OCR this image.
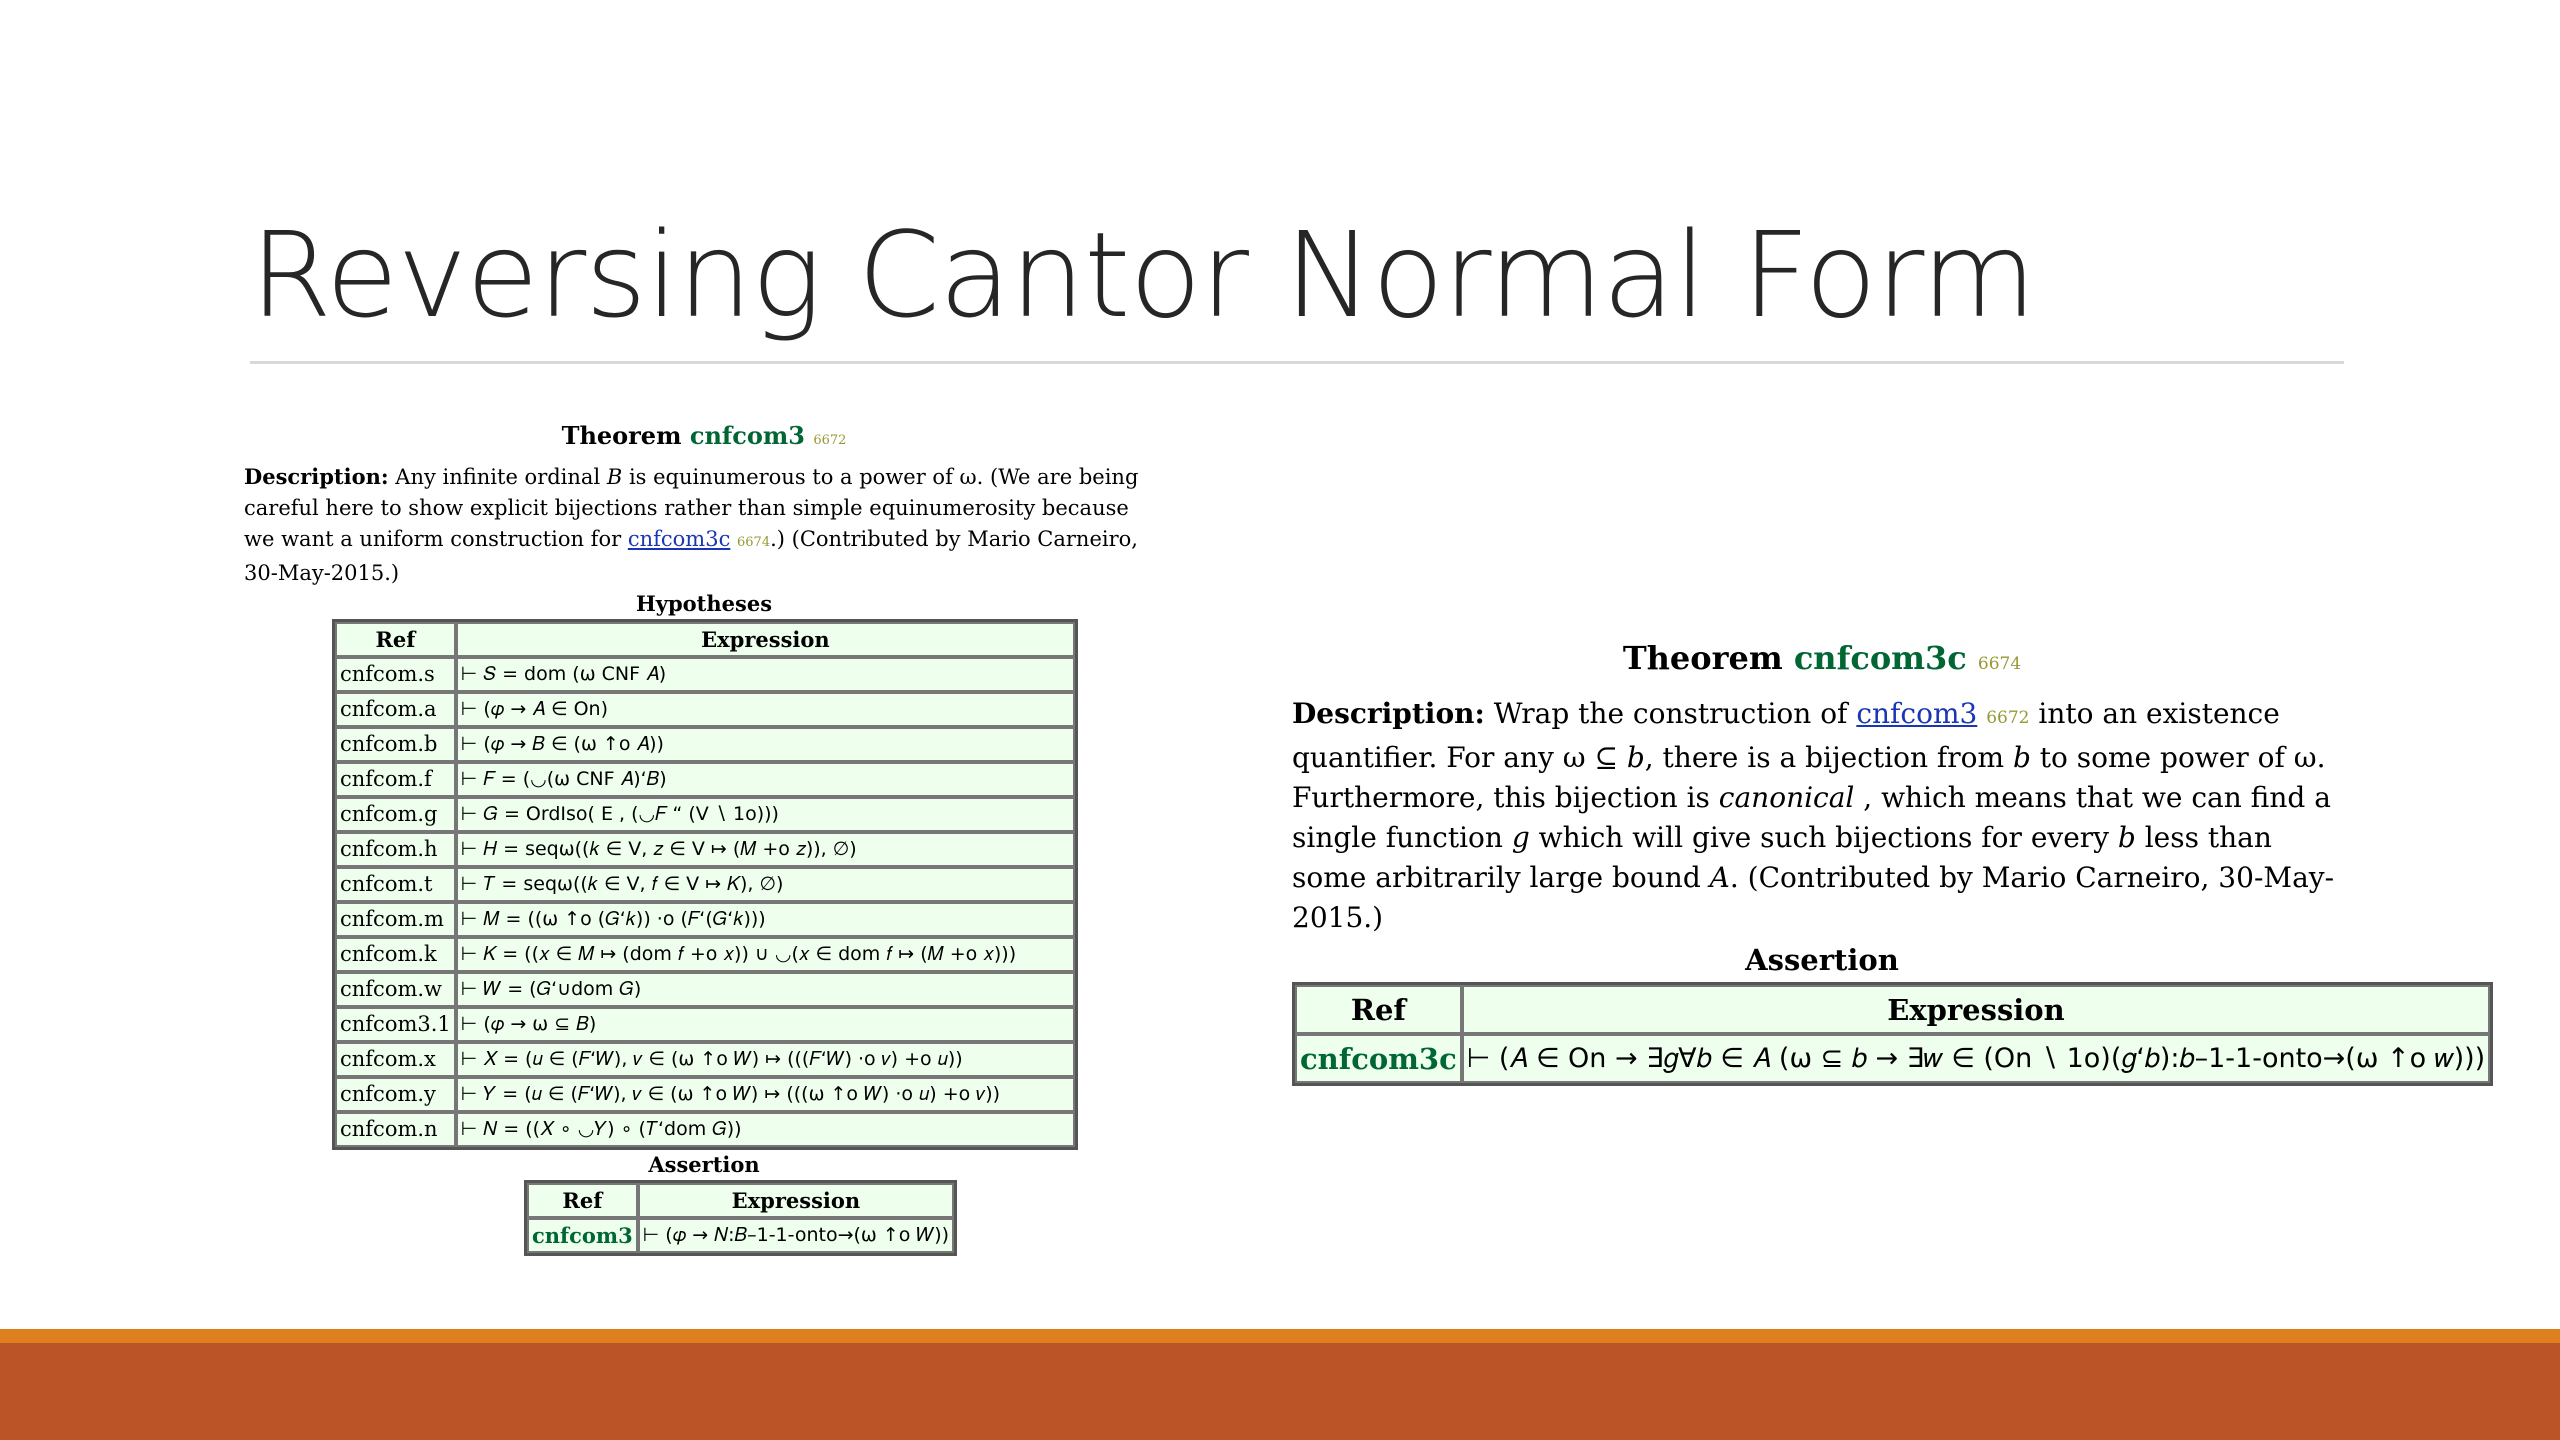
Reversing Cantor Normal Form
Theorem cnfcom3 6672
Description: Any infinite ordinal 𝐵 is equinumerous to a power of ω. (We are being careful here to show explicit bijections rather than simple equinumerosity because we want a uniform construction for cnfcom3c 6674.) (Contributed by Mario Carneiro, 30-May-2015.)
Hypotheses
Ref	Expression
cnfcom.s	⊢ 𝑆 = dom (ω CNF 𝐴)
cnfcom.a	⊢ (𝜑 → 𝐴 ∈ On)
cnfcom.b	⊢ (𝜑 → 𝐵 ∈ (ω ↑o 𝐴))
cnfcom.f	⊢ 𝐹 = (◡(ω CNF 𝐴)‘𝐵)
cnfcom.g	⊢ 𝐺 = OrdIso( E , (◡𝐹 “ (V ∖ 1o)))
cnfcom.h	⊢ 𝐻 = seqω((𝑘 ∈ V, 𝑧 ∈ V ↦ (𝑀 +o 𝑧)), ∅)
cnfcom.t	⊢ 𝑇 = seqω((𝑘 ∈ V, 𝑓 ∈ V ↦ 𝐾), ∅)
cnfcom.m	⊢ 𝑀 = ((ω ↑o (𝐺‘𝑘)) ·o (𝐹‘(𝐺‘𝑘)))
cnfcom.k	⊢ 𝐾 = ((𝑥 ∈ 𝑀 ↦ (dom 𝑓 +o 𝑥)) ∪ ◡(𝑥 ∈ dom 𝑓 ↦ (𝑀 +o 𝑥)))
cnfcom.w	⊢ 𝑊 = (𝐺‘∪dom 𝐺)
cnfcom3.1	⊢ (𝜑 → ω ⊆ 𝐵)
cnfcom.x	⊢ 𝑋 = (𝑢 ∈ (𝐹‘𝑊), 𝑣 ∈ (ω ↑o 𝑊) ↦ (((𝐹‘𝑊) ·o 𝑣) +o 𝑢))
cnfcom.y	⊢ 𝑌 = (𝑢 ∈ (𝐹‘𝑊), 𝑣 ∈ (ω ↑o 𝑊) ↦ (((ω ↑o 𝑊) ·o 𝑢) +o 𝑣))
cnfcom.n	⊢ 𝑁 = ((𝑋 ∘ ◡𝑌) ∘ (𝑇‘dom 𝐺))
Assertion
Ref	Expression
cnfcom3	⊢ (𝜑 → 𝑁:𝐵–1-1-onto→(ω ↑o 𝑊))
Theorem cnfcom3c 6674
Description: Wrap the construction of cnfcom3 6672 into an existence quantifier. For any ω ⊆ 𝑏, there is a bijection from 𝑏 to some power of ω. Furthermore, this bijection is canonical , which means that we can find a single function 𝑔 which will give such bijections for every 𝑏 less than some arbitrarily large bound 𝐴. (Contributed by Mario Carneiro, 30-May-2015.)
Assertion
Ref	Expression
cnfcom3c	⊢ (𝐴 ∈ On → ∃𝑔∀𝑏 ∈ 𝐴 (ω ⊆ 𝑏 → ∃𝑤 ∈ (On ∖ 1o)(𝑔‘𝑏):𝑏–1-1-onto→(ω ↑o 𝑤)))
